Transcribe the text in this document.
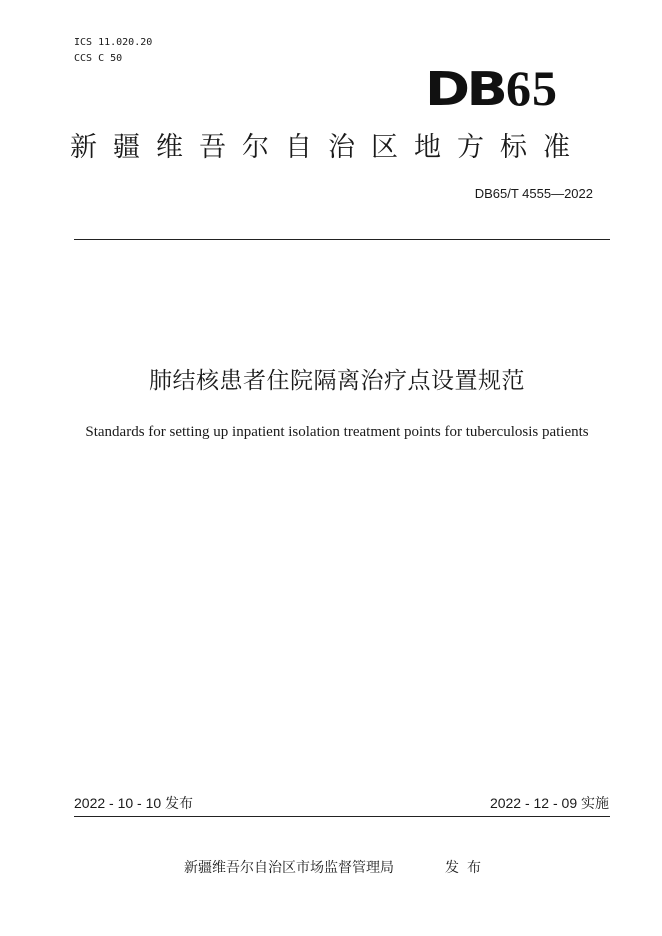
ICS 11.020.20
CCS C 50
DB65
新疆维吾尔自治区地方标准
DB65/T 4555—2022
肺结核患者住院隔离治疗点设置规范
Standards for setting up inpatient isolation treatment points for tuberculosis patients
2022 - 10 - 10 发布	2022 - 12 - 09 实施
新疆维吾尔自治区市场监督管理局	发布
